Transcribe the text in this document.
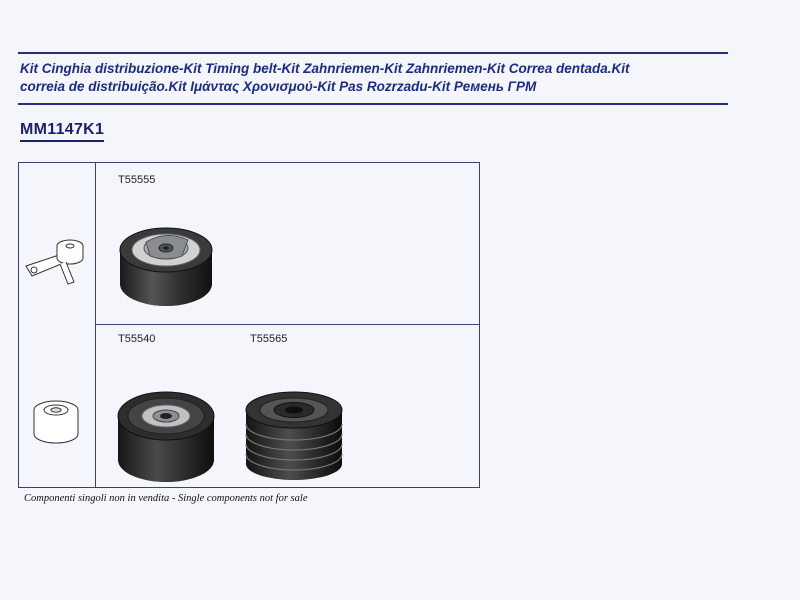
Kit Cinghia distribuzione-Kit Timing belt-Kit Zahnriemen-Kit Zahnriemen-Kit Correa dentada.Kit
correia de distribuição.Kit Ιμάντας Χρονισμού-Kit Pas Rozrzadu-Kit Ремень ГРМ
MM1147K1
T55555
T55540	T55565
Componenti singoli non in vendita - Single components not for sale
